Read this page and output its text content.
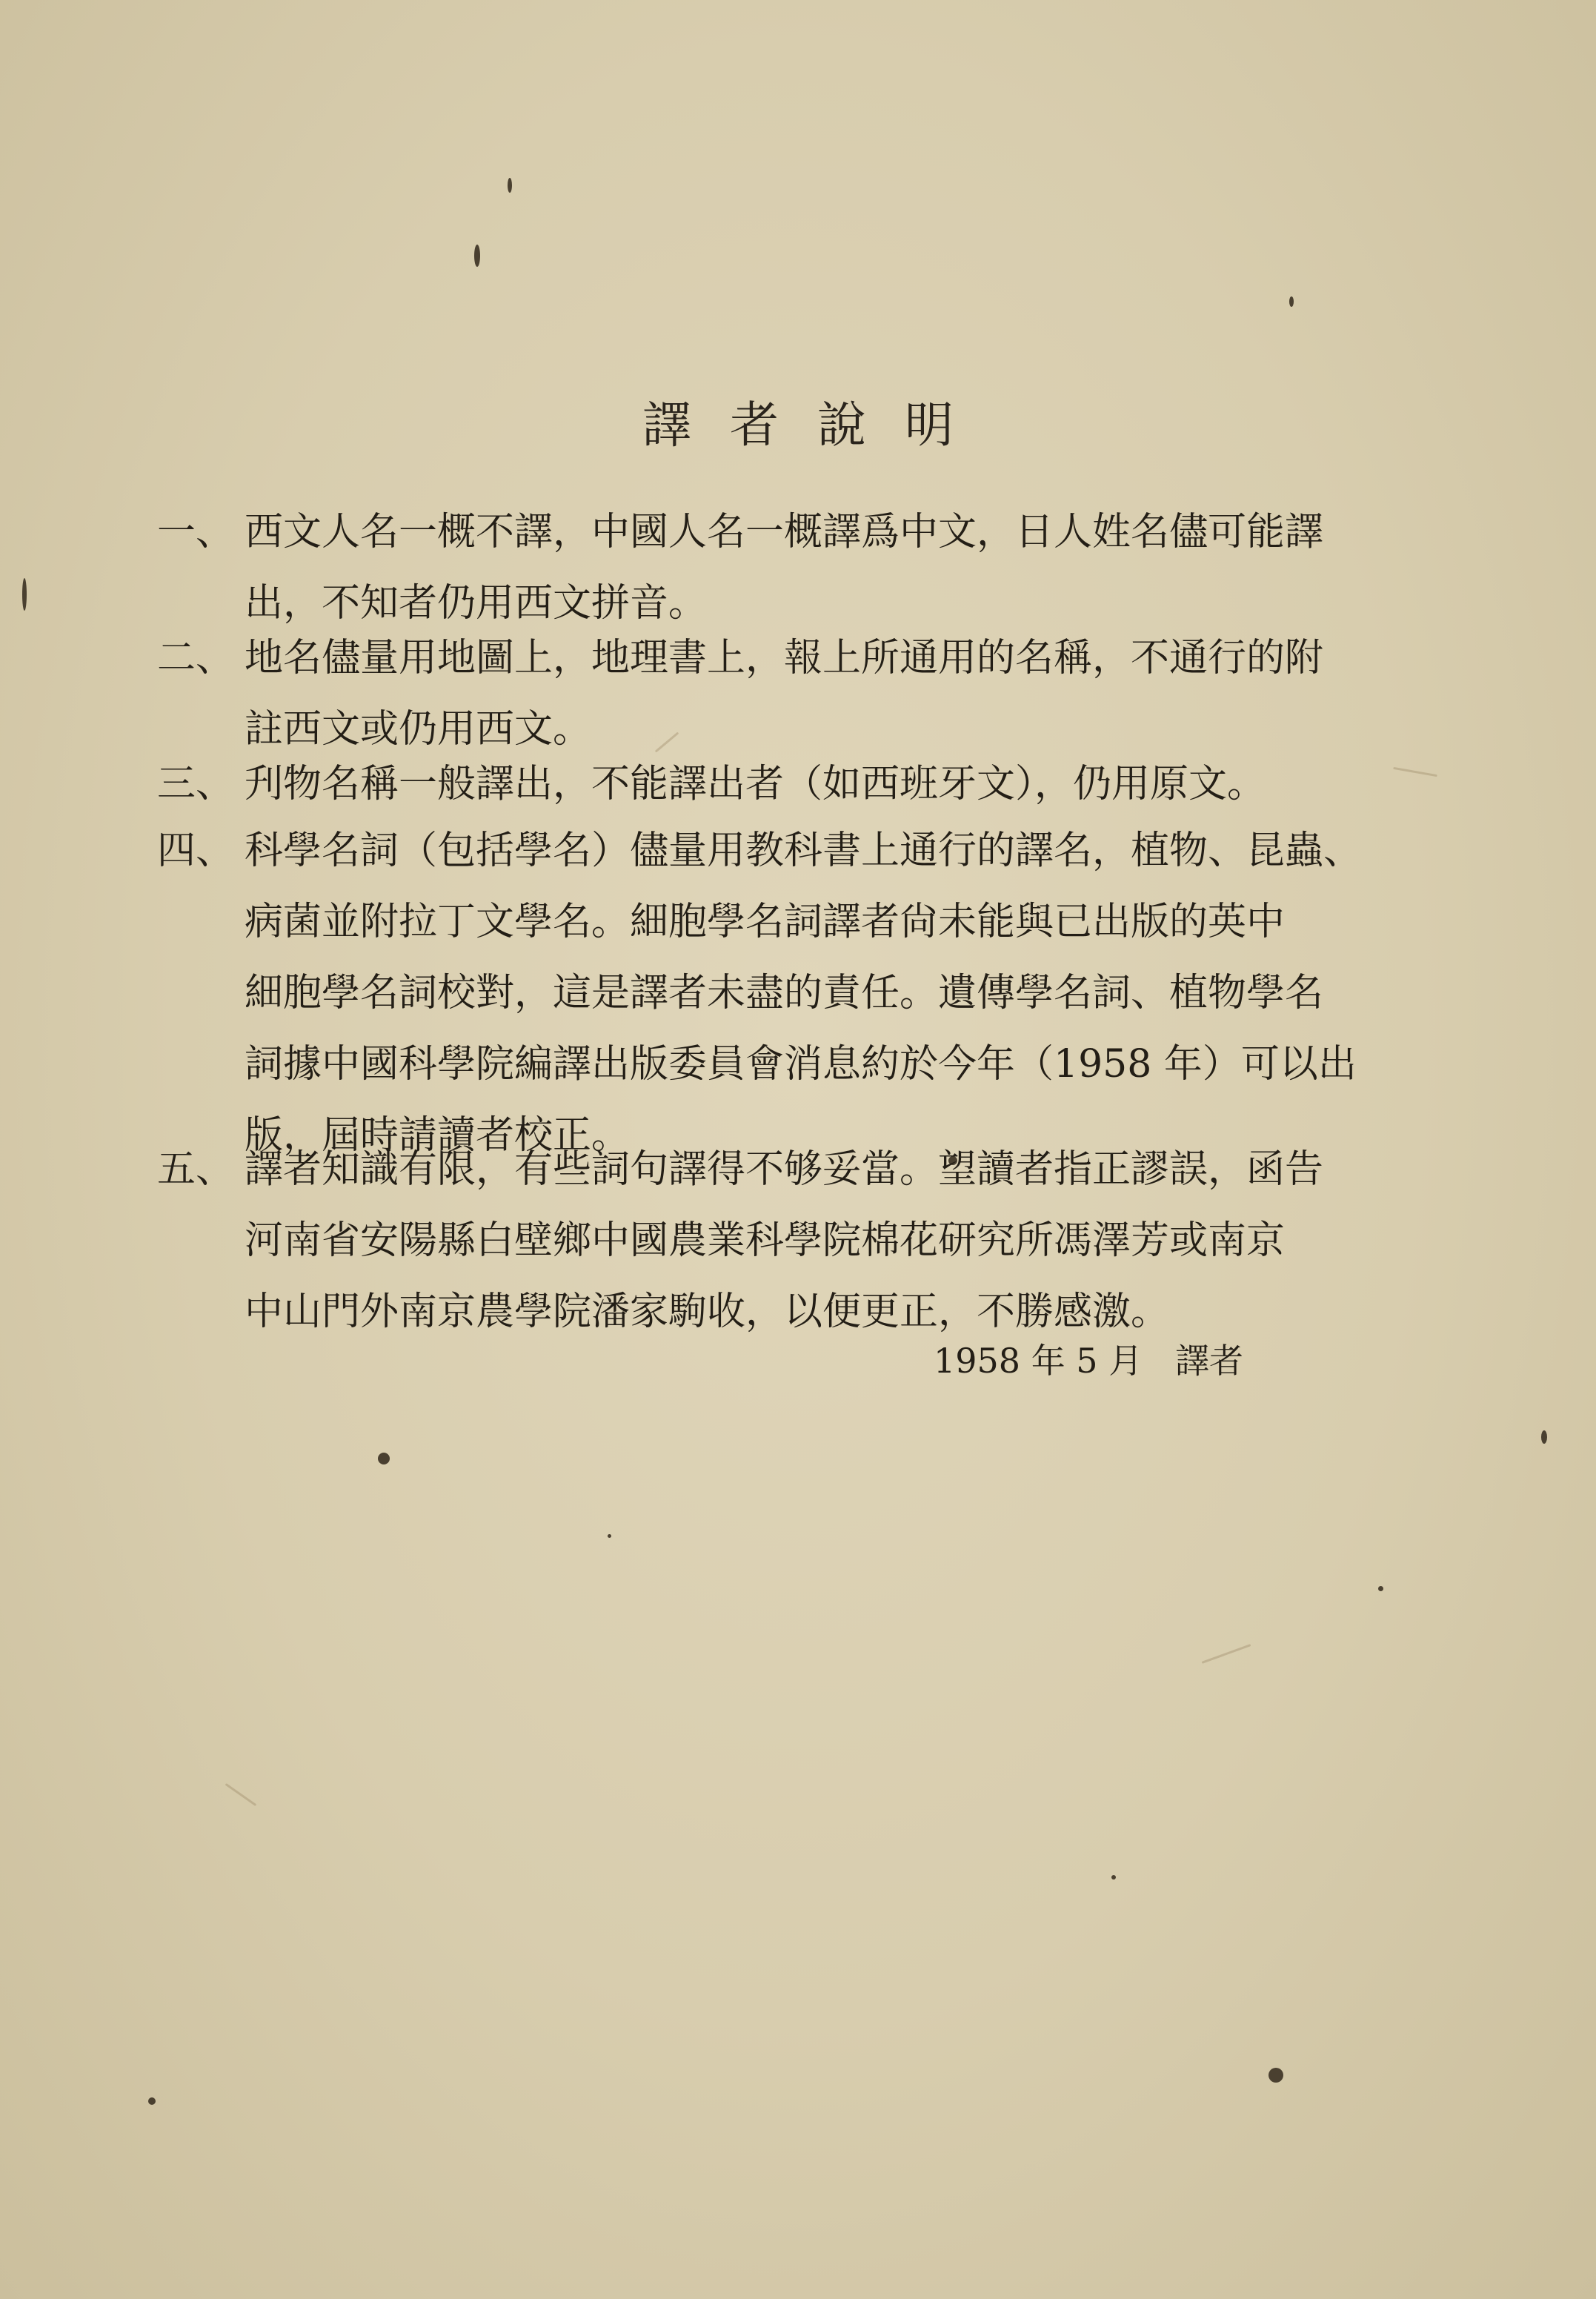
譯者說明
一、 西文人名一概不譯，中國人名一概譯爲中文，日人姓名儘可能譯
出，不知者仍用西文拼音。
二、 地名儘量用地圖上，地理書上，報上所通用的名稱，不通行的附
註西文或仍用西文。
三、 刋物名稱一般譯出，不能譯出者（如西班牙文），仍用原文。
四、 科學名詞（包括學名）儘量用教科書上通行的譯名，植物、昆蟲、
病菌並附拉丁文學名。細胞學名詞譯者尙未能與已出版的英中
細胞學名詞校對，這是譯者未盡的責任。遺傳學名詞、植物學名
詞據中國科學院編譯出版委員會消息約於今年（1958 年）可以出
版，屆時請讀者校正。
五、 譯者知識有限，有些詞句譯得不够妥當。望讀者指正謬誤，函告
河南省安陽縣白壁鄉中國農業科學院棉花研究所馮澤芳或南京
中山門外南京農學院潘家駒收，以便更正，不勝感激。
1958 年 5 月 譯者
